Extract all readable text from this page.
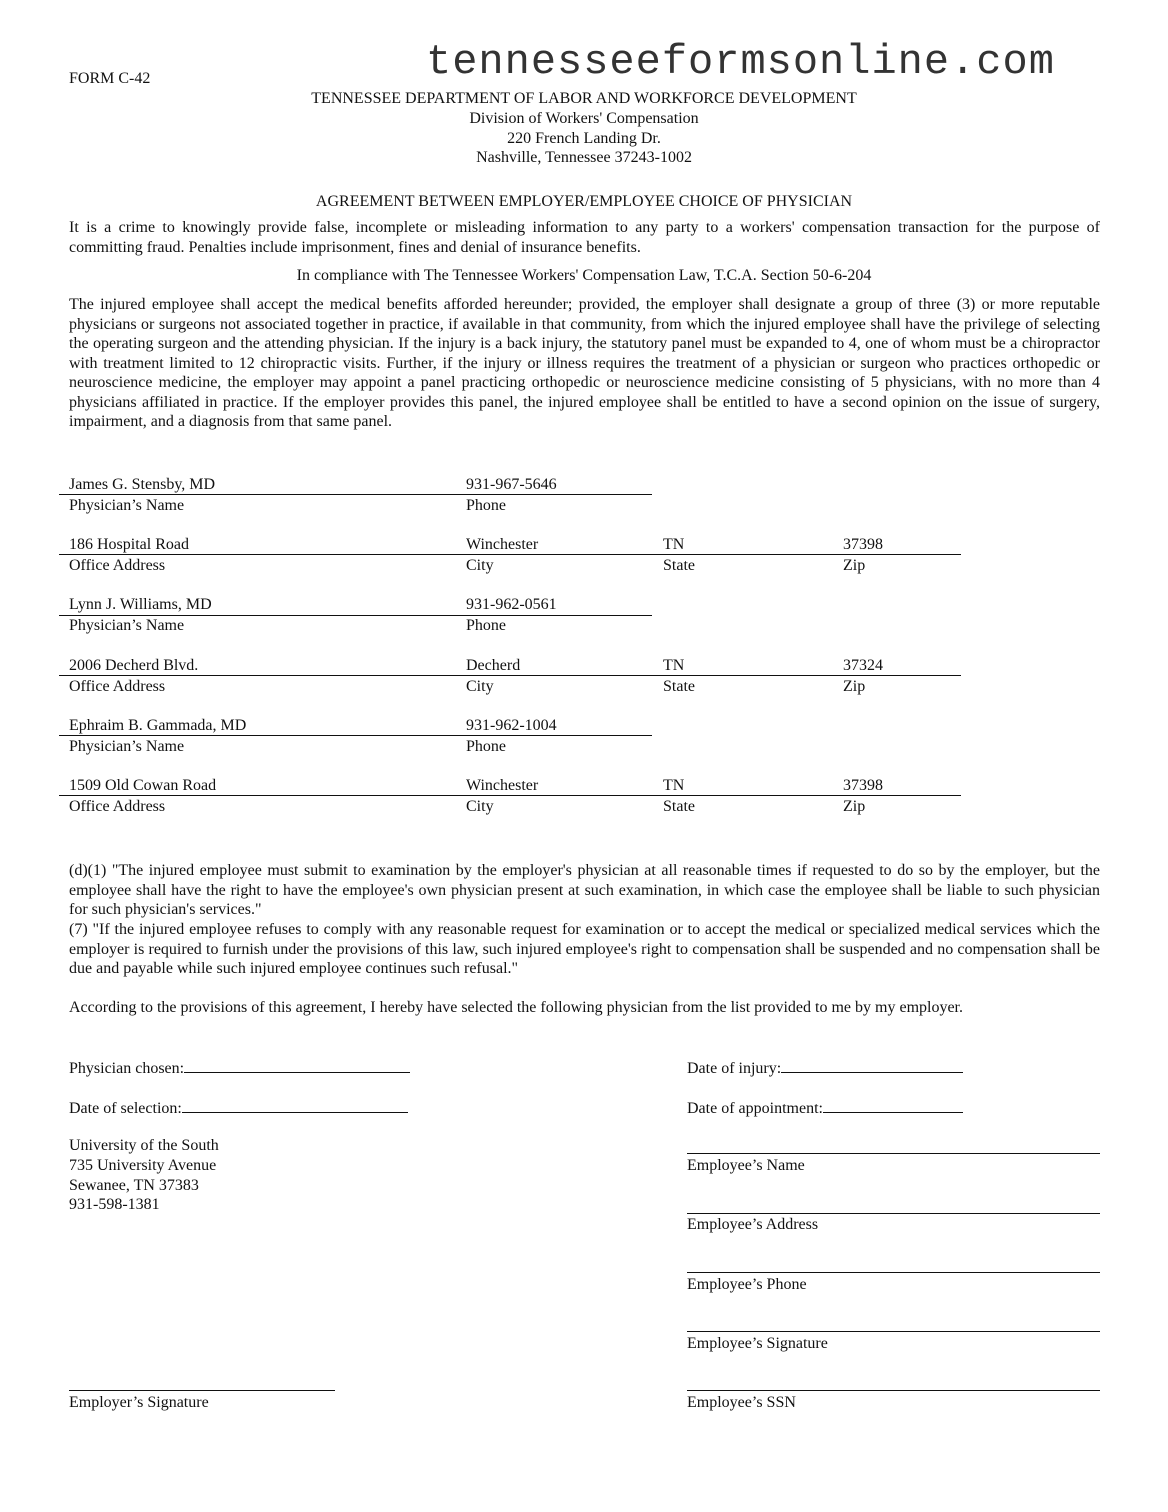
FORM C-42	tennesseeformsonline.com
TENNESSEE DEPARTMENT OF LABOR AND WORKFORCE DEVELOPMENT
Division of Workers' Compensation
220 French Landing Dr.
Nashville, Tennessee 37243-1002
AGREEMENT BETWEEN EMPLOYER/EMPLOYEE CHOICE OF PHYSICIAN
It is a crime to knowingly provide false, incomplete or misleading information to any party to a workers' compensation transaction for the purpose of committing fraud. Penalties include imprisonment, fines and denial of insurance benefits.
In compliance with The Tennessee Workers' Compensation Law, T.C.A. Section 50-6-204
The injured employee shall accept the medical benefits afforded hereunder; provided, the employer shall designate a group of three (3) or more reputable physicians or surgeons not associated together in practice, if available in that community, from which the injured employee shall have the privilege of selecting the operating surgeon and the attending physician. If the injury is a back injury, the statutory panel must be expanded to 4, one of whom must be a chiropractor with treatment limited to 12 chiropractic visits. Further, if the injury or illness requires the treatment of a physician or surgeon who practices orthopedic or neuroscience medicine, the employer may appoint a panel practicing orthopedic or neuroscience medicine consisting of 5 physicians, with no more than 4 physicians affiliated in practice. If the employer provides this panel, the injured employee shall be entitled to have a second opinion on the issue of surgery, impairment, and a diagnosis from that same panel.
James G. Stensby, MD	931-967-5646
Physician’s Name	Phone
186 Hospital Road	Winchester	TN	37398
Office Address	City	State	Zip
Lynn J. Williams, MD	931-962-0561
Physician’s Name	Phone
2006 Decherd Blvd.	Decherd	TN	37324
Office Address	City	State	Zip
Ephraim B. Gammada, MD	931-962-1004
Physician’s Name	Phone
1509 Old Cowan Road	Winchester	TN	37398
Office Address	City	State	Zip
(d)(1) "The injured employee must submit to examination by the employer's physician at all reasonable times if requested to do so by the employer, but the employee shall have the right to have the employee's own physician present at such examination, in which case the employee shall be liable to such physician for such physician's services."
(7) "If the injured employee refuses to comply with any reasonable request for examination or to accept the medical or specialized medical services which the employer is required to furnish under the provisions of this law, such injured employee's right to compensation shall be suspended and no compensation shall be due and payable while such injured employee continues such refusal."
According to the provisions of this agreement, I hereby have selected the following physician from the list provided to me by my employer.
Physician chosen:	Date of injury:
Date of selection:	Date of appointment:
University of the South
735 University Avenue
Sewanee, TN 37383
931-598-1381
Employer’s Signature
Employee’s Name
Employee’s Address
Employee’s Phone
Employee’s Signature
Employee’s SSN
